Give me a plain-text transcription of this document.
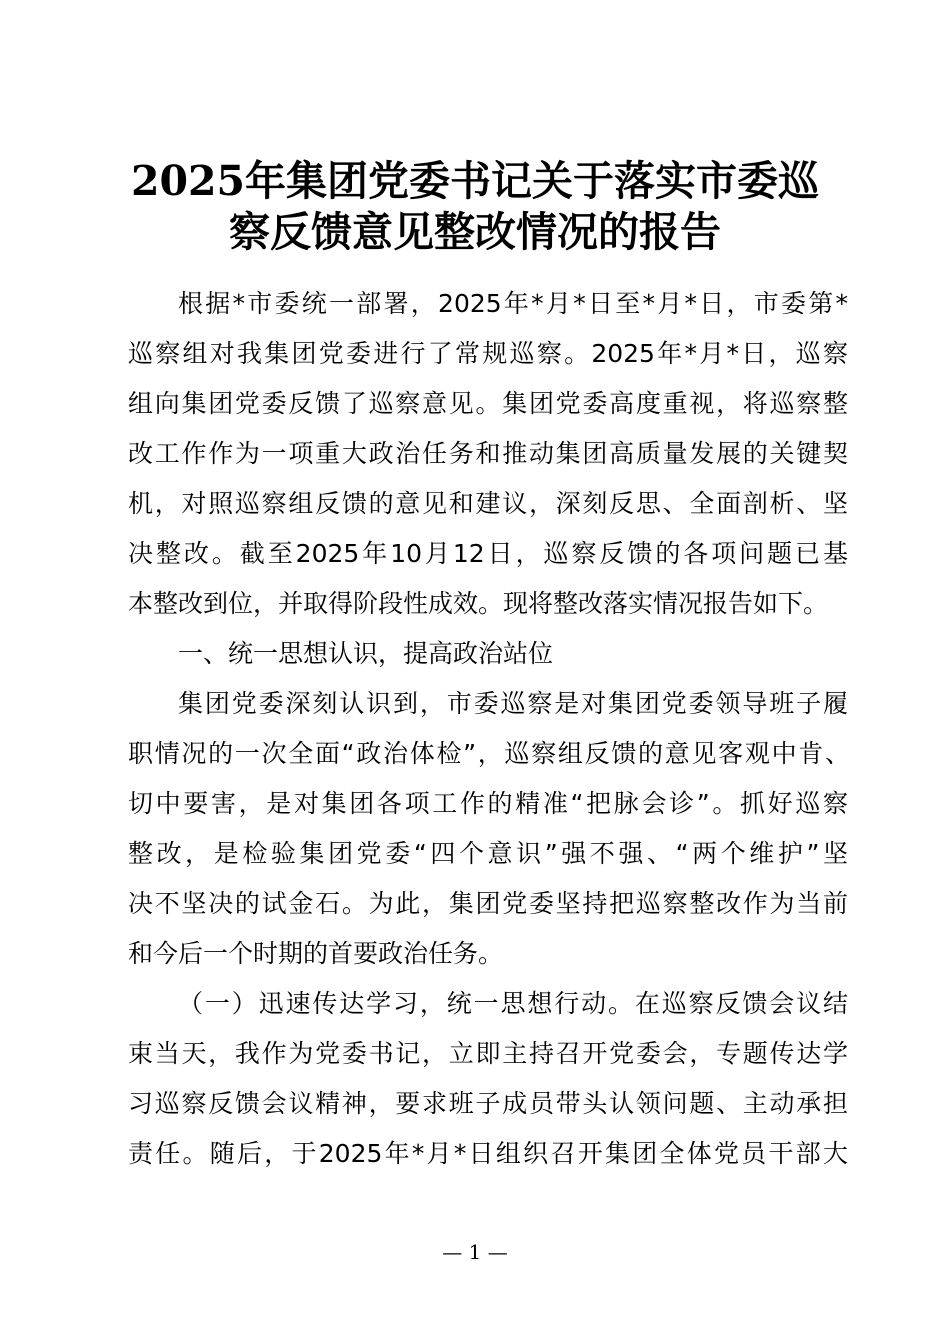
2025年集团党委书记关于落实市委巡
察反馈意见整改情况的报告
根据*市委统一部署，2025年*月*日至*月*日，市委第*
巡察组对我集团党委进行了常规巡察。2025年*月*日，巡察
组向集团党委反馈了巡察意见。集团党委高度重视，将巡察整
改工作作为一项重大政治任务和推动集团高质量发展的关键契
机，对照巡察组反馈的意见和建议，深刻反思、全面剖析、坚
决整改。截至2025年10月12日，巡察反馈的各项问题已基
本整改到位，并取得阶段性成效。现将整改落实情况报告如下。
一、统一思想认识，提高政治站位
集团党委深刻认识到，市委巡察是对集团党委领导班子履
职情况的一次全面“政治体检”，巡察组反馈的意见客观中肯、
切中要害，是对集团各项工作的精准“把脉会诊”。抓好巡察
整改，是检验集团党委“四个意识”强不强、“两个维护”坚
决不坚决的试金石。为此，集团党委坚持把巡察整改作为当前
和今后一个时期的首要政治任务。
（一）迅速传达学习，统一思想行动。在巡察反馈会议结
束当天，我作为党委书记，立即主持召开党委会，专题传达学
习巡察反馈会议精神，要求班子成员带头认领问题、主动承担
责任。随后，于2025年*月*日组织召开集团全体党员干部大
— 1 —
